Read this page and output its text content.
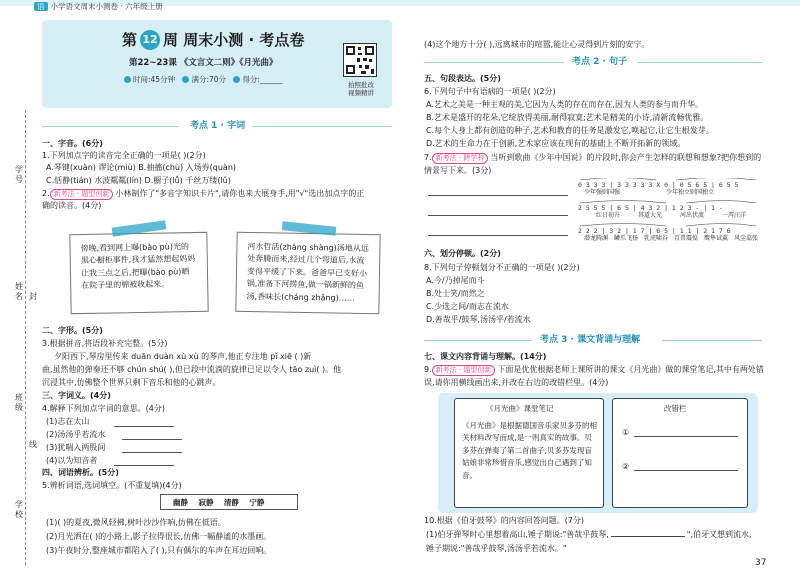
语 小学语文周末小测卷 · 六年级上册
第 12 周 周末小测 · 考点卷
第22~23课 《文言文二则》《月光曲》
时间:45分钟 满分:70分 得分:______
拍照批改
视频精讲
学号
姓名 封
班级
线
学校
考点 1 · 字词
一、字音。(6分)
1.下列加点字的读音完全正确的一项是( )(2分)
A.琴键(xuàn) 谬论(miù) B.抽搐(chù) 入场券(quàn)
C.恬静(tián) 水波粼粼(lín) D.橱子(lǚ) 千丝万缕(lǔ)
2. 新考法 · 题型创新 小林制作了"多音字知识卡片",请你也来大展身手,用"√"选出加点字的正
确的读音。(4分)
傍晚,看到网上曝(bào pù)光的黑心橱柜事件,我才猛然想起妈妈让我三点之后,把曝(bào pù)晒在院子里的棉被收起来。
河水哲活(zhāng shàng)汤地从远处奔腾而来,经过几个弯道后,水流变得平缓了下来。爸爸早已支好小锅,准备下河捞鱼,做一锅新鲜的鱼汤,香味长(cháng zhǎng)……
二、字形。(5分)
3.根据拼音,将语段补充完整。(5分)
夕阳西下,琴房里传来 duān duàn xù xù 的琴声,他正专注地 pǐ xiē ( )新
曲,虽然他的弹奏还不够 chún shú( ),但已段中流淌的旋律已足以令人 tāo zuì( )。他
沉浸其中,仿佛整个世界只剩下音乐和他的心跳声。
三、字词义。(4分)
4.解释下列加点字词的意思。(4分)
(1)志在太山
(2)汤汤乎若流水
(3)犹喘入两股间
(4)以为知音者
四、词语辨析。(5分)
5.辨析词语,选词填空。(不重复填)(4分)
幽静 寂静 清静 宁静
(1)( )的夏夜,微风轻拂,树叶沙沙作响,仿佛在低语。
(2)月光洒在( )的小路上,影子拉得很长,仿佛一幅静谧的水墨画。
(3)午夜时分,整座城市都陷入了( ),只有偶尔的车声在耳边回响。
(4)这个地方十分( ),远离城市的喧嚣,能让心灵得到片刻的安宁。
考点 2 · 句子
五、句段表达。(5分)
6.下列句子中有语病的一项是( )(2分)
A.艺术之美是一种主观的美,它因为人类的存在而存在,因为人类的参与而升华。
B.艺术是盛开的花朵,它绽放得美丽,耐得寂寞;艺术是精美的小诗,清新流畅优雅。
C.每个人身上都有创造的种子,艺术和教育的任务是激发它,唤起它,让它生根发芽。
D.艺术的生命力在于创新,艺术家应该在现有的基础上不断开拓新的领域。
7. 新考法 · 跨学科 当听到歌曲《少年中国说》的片段时,你会产生怎样的联想和想象?把你想到的
情景写下来。(3分)
0 3 3 3 | 3 3 3 3 3 X 0 | 0 5 6 5 | 6 5 5
2 5 5 5 | 6 5 | 4 3 2 | 1 2 3 - | 1 -
2 2 2 | 3 2 | 1 7 | 6 5 | 1 1 | 2 1 7 6
少年强则国强	少年独立则国独立
红日初升	其道大光	河出伏流	一泻汪洋
潜龙腾渊 鳞爪飞扬 乳虎啸谷 百兽震惶 鹰隼试翼 风尘翕张
六、划分停顿。(2分)
8.下列句子停顿划分不正确的一项是( )(2分)
A.今/乃掉尾而斗
B.处士笑/而然之
C.少选之间/而志在流水
D.善哉乎/鼓琴,汤汤乎/若流水
考点 3 · 课文背诵与理解
七、课文内容背诵与理解。(14分)
9. 新考法 · 题型创新 下面是优优根据老师上课所讲的课文《月光曲》做的课堂笔记,其中有两处错
误,请你用横线画出来,并改在右边的改错栏里。(4分)
《月光曲》课堂笔记
《月光曲》是根据德国音乐家贝多芬的相关材料改写而成,是一则真实的故事。贝多芬在弹奏了第二首曲子,贝多芬发现盲姑娘非常珍惜音乐,感觉出自己遇到了知音。
改错栏
①
②
10.根据《伯牙鼓琴》的内容回答问题。(7分)
(1)伯牙弹琴时心里想着高山,锤子期说:"善哉乎鼓琴,	",伯牙又想到流水,
锤子期说:"善哉乎鼓琴,汤汤乎若流水。"
37
